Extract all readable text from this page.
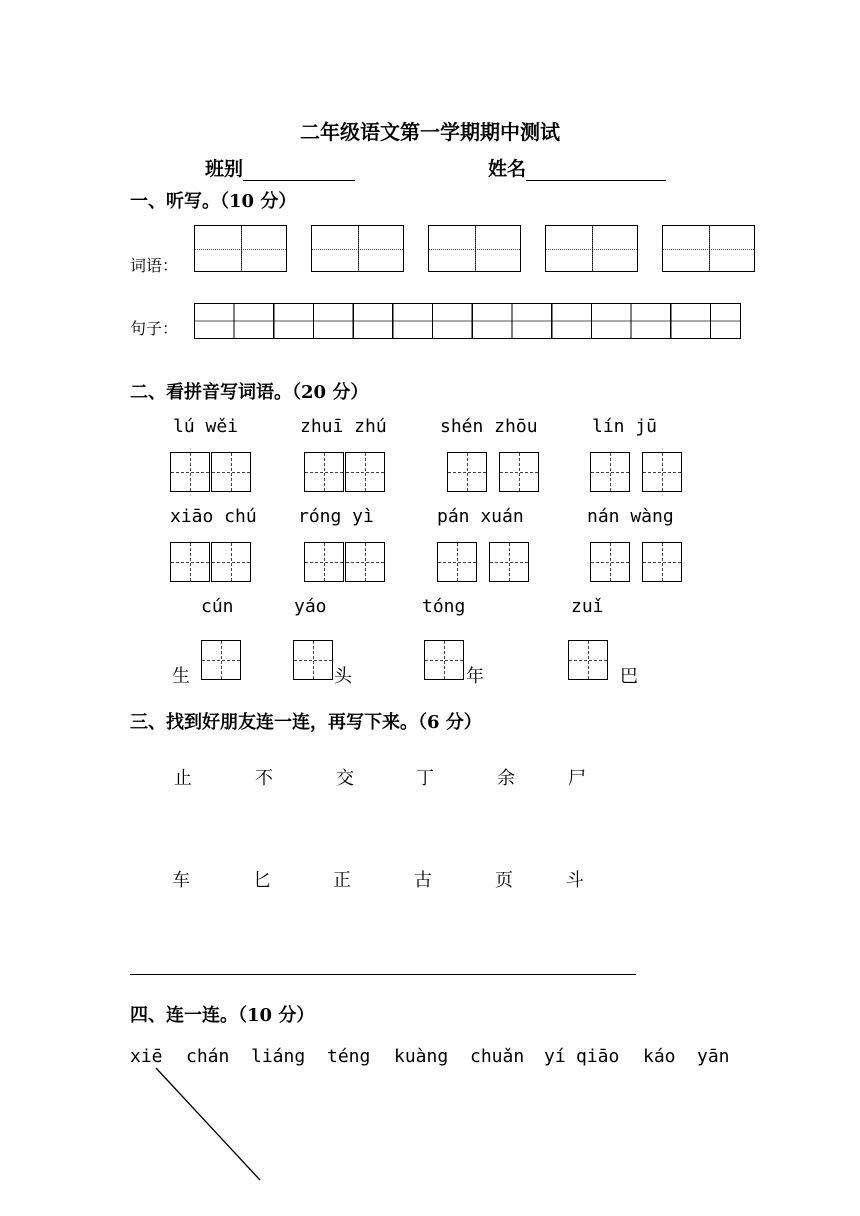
二年级语文第一学期期中测试
班别	姓名
一、听写。（10 分）
词语：
句子：
二、看拼音写词语。（20 分）
lú wěi	zhuī zhú	shén zhōu	lín jū
xiāo chú róng yì	pán xuán	nán wàng
cún	yáo	tóng	zuǐ
生	头	年	巴
三、找到好朋友连一连，再写下来。（6 分）
止	不	交	丁	余	尸
车	匕	正	古	页	斗
四、连一连。（10 分）
xiē chán liáng téng kuàng chuǎn yí qiāo káo yān
